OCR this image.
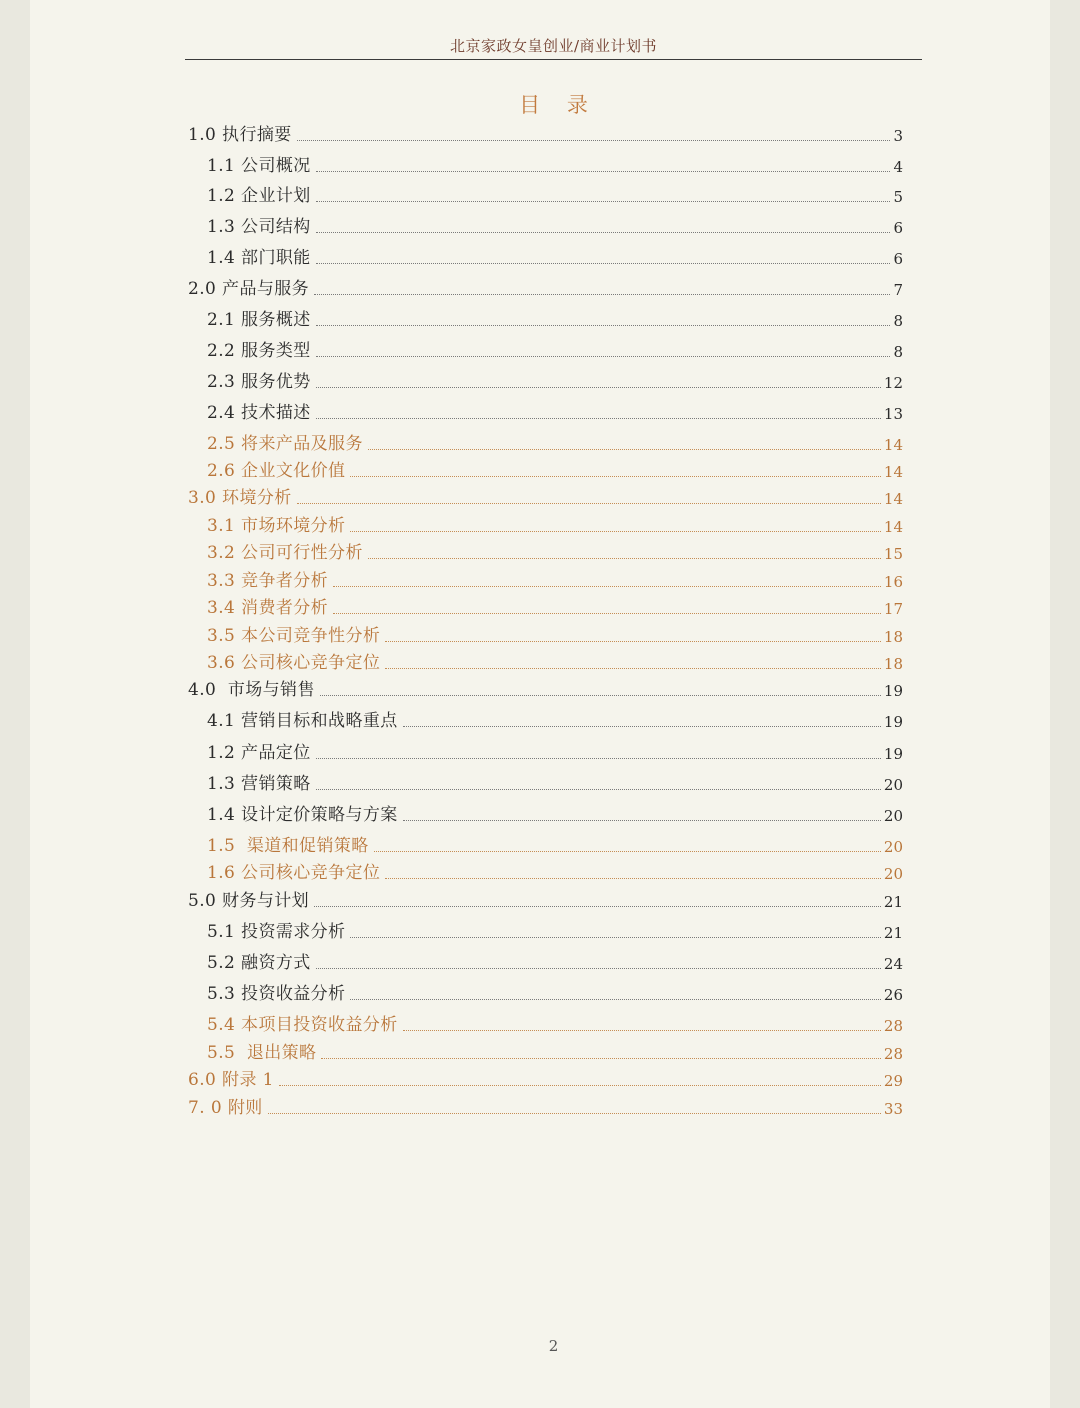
北京家政女皇创业/商业计划书
目    录
1.0 执行摘要	3
1.1 公司概况	4
1.2 企业计划	5
1.3 公司结构	6
1.4 部门职能	6
2.0 产品与服务	7
2.1 服务概述	8
2.2 服务类型	8
2.3 服务优势	12
2.4 技术描述	13
2.5 将来产品及服务	14
2.6 企业文化价值	14
3.0 环境分析	14
3.1 市场环境分析	14
3.2 公司可行性分析	15
3.3 竞争者分析	16
3.4 消费者分析	17
3.5 本公司竞争性分析	18
3.6 公司核心竞争定位	18
4.0  市场与销售	19
4.1 营销目标和战略重点	19
1.2 产品定位	19
1.3 营销策略	20
1.4 设计定价策略与方案	20
1.5  渠道和促销策略	20
1.6 公司核心竞争定位	20
5.0 财务与计划	21
5.1 投资需求分析	21
5.2 融资方式	24
5.3 投资收益分析	26
5.4 本项目投资收益分析	28
5.5  退出策略	28
6.0 附录 1	29
7. 0 附则	33
2
